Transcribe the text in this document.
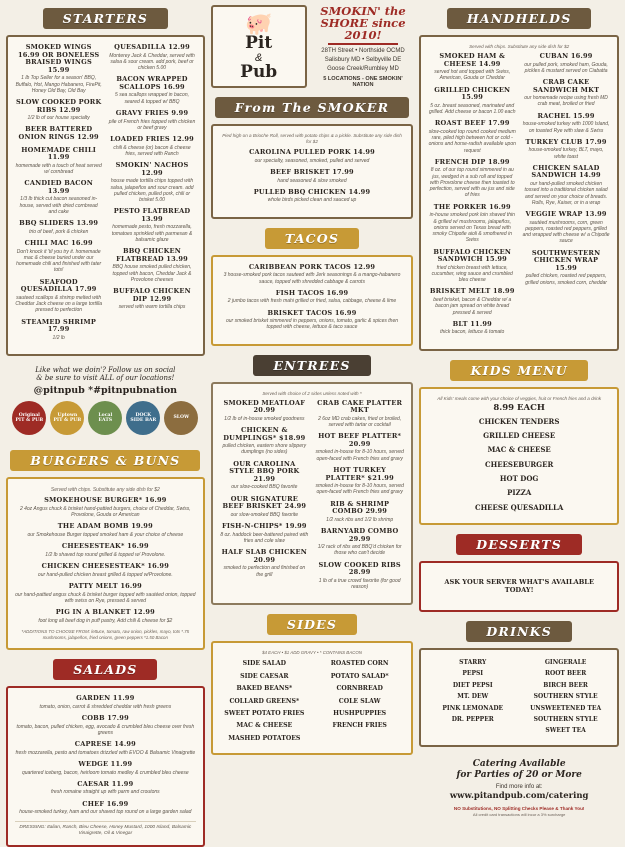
STARTERS
SMOKED WINGS 16.99 OR BONELESS BRAISED WINGS 15.99
1 lb Top Seller for a season' BBQ, Buffalo, Hot, Mango Habanero, FirePit, Honey Old Bay, Old Bay
SLOW COOKED PORK RIBS 12.99
1/2 lb of our house specialty
BEER BATTERED ONION RINGS 12.99
HOMEMADE CHILI 11.99
homemade with a touch of heat served w/ cornbread
CANDIED BACON 13.99
1/3 lb thick cut bacon seasoned in-house, served with dried cornbread and cake
BBQ SLIDERS 13.99
trio of beef, pork & chicken
CHILI MAC 16.99
Don't knock it 'til you try it. homemade mac & cheese buried under our homemade chili and finished with tater tots!
SEAFOOD QUESADILLA 17.99
sauteed scallops & shrimp melted with Cheddar Jack cheese on a large tortilla pressed to perfection
STEAMED SHRIMP 17.99
1/2 lb
QUESADILLA 12.99
Monterey Jack & Cheddar, served with salsa & sour cream. add pork, beef or chicken 5.00
BACON WRAPPED SCALLOPS 16.99
5 sea scallops wrapped in bacon, seared & topped w/ BBQ
GRAVY FRIES 9.99
pile of French fries topped with chicken or beef gravy
LOADED FRIES 12.99
chili & cheese (or) bacon & cheese fries, served with Ranch
SMOKIN' NACHOS 12.99
house made tortilla chips topped with salsa, jalapeños and sour cream. add pulled chicken, pulled pork, chili or brisket 5.00
PESTO FLATBREAD 13.99
homemade pesto, fresh mozzarella, tomatoes sprinkled with parmesan & balsamic glaze
BBQ CHICKEN FLATBREAD 13.99
BBQ house smoked pulled chicken, topped with bacon, Cheddar Jack & Provolone cheeses
BUFFALO CHICKEN DIP 12.99
served with warm tortilla chips
Like what we doin'? Follow us on social
& be sure to visit ALL of our locations!
@pitnpub *#pitnpubnation
Original PIT & PUB
Uptown PIT & PUB
Local EATS
DOCK SIDE BAR
SLOW
BURGERS & BUNS
Served with chips. Substitute any side dish for $2
SMOKEHOUSE BURGER* 16.99
2 4oz Angus chuck & brisket hand-pattied burgers, choice of Cheddar, Swiss, Provolone, Gouda or American
THE ADAM BOMB 19.99
our Smokehouse Burger topped smoked ham & your choice of cheese
CHEESESTEAK* 16.99
1/2 lb shaved top round grilled & topped w/ Provolone.
CHICKEN CHEESESTEAK* 16.99
our hand-pulled chicken breast grilled & topped w/Provolone.
PATTY MELT 16.99
our hand-pattied angus chuck & brisket burger topped with sautéed onion, topped with swiss on Rye, pressed & served
PIG IN A BLANKET 12.99
foot long all beef dog in puff pastry, Add chili & cheese for $2
*ADDITIONS TO CHOOSE FROM: lettuce, tomato, raw onion, pickles, mayo, tots *.75 mushrooms, jalapeños, fried onions, green peppers *1.50 Bacon
SALADS
GARDEN 11.99
tomato, onion, carrot & shredded cheddar with fresh greens
COBB 17.99
tomato, bacon, pulled chicken, egg, avocado & crumbled bleu cheese over fresh greens
CAPRESE 14.99
fresh mozzarella, pesto and tomatoes drizzled with EVOO & Balsamic Vinaigrette
WEDGE 11.99
quartered iceberg, bacon, heirloom tomato medley & crumbled bleu cheese
CAESAR 11.99
fresh romaine straight up with parm and croutons
CHEF 16.99
house-smoked turkey, ham and our shaved top round on a large garden salad
DRESSING: Italian, Ranch, Bleu Cheese, Honey Mustard, 1000 Island, Balsamic Vinaigrette, Oil & Vinegar
🐖
Pit
&
Pub
SMOKIN' the SHORE since 2010!
28TH Street • Northside OCMD
Salisbury MD • Selbyville DE
Goose Creek/Rumbley MD
5 LOCATIONS - ONE SMOKIN' NATION
From The SMOKER
Pied high on a Brioche Roll, served with potato chips & a pickle. Substitute any side dish for $2
CAROLINA PULLED PORK 14.99
our specialty, seasoned, smoked, pulled and served
BEEF BRISKET 17.99
hand seasoned & slow smoked
PULLED BBQ CHICKEN 14.99
whole birds picked clean and sauced up
TACOS
CARIBBEAN PORK TACOS 12.99
3 house-smoked pork tacos sauteed with Jerk seasonings & a mango-habanero sauce, topped with shredded cabbage & carrots
FISH TACOS 16.99
2 jumbo tacos with fresh mahi grilled or fried, salsa, cabbage, cheese & lime
BRISKET TACOS 16.99
our smoked brisket simmered in peppers, onions, tomato, garlic & spices then topped with cheese, lettuce & taco sauce
ENTREES
Served with choice of 2 sides unless noted with *
SMOKED MEATLOAF 20.99
1/2 lb of in-house smoked goodness
CHICKEN & DUMPLINGS* $18.99
pulled chicken, eastern shore slippery dumplings (no sides)
OUR CAROLINA STYLE BBQ PORK 21.99
our slow-cooked BBQ favorite
OUR SIGNATURE BEEF BRISKET 24.99
our slow-smoked BBQ favorite
FISH-N-CHIPS* 19.99
8 oz. haddock beer-battered paired with fries and cole slaw
HALF SLAB CHICKEN 20.99
smoked to perfection and finished on the grill
CRAB CAKE PLATTER MKT
2 6oz MD crab cakes, fried or broiled, served with tartar or cocktail
HOT BEEF PLATTER* 20.99
smoked in-house for 8-10 hours, served open-faced with French fries and gravy
HOT TURKEY PLATTER* $21.99
smoked in-house for 8-10 hours, served open-faced with French fries and gravy
RIB & SHRIMP COMBO 29.99
1/2 rack ribs and 1/2 lb shrimp
BARNYARD COMBO 29.99
1/2 rack of ribs and BBQ'd chicken for those who can't decide
SLOW COOKED RIBS 28.99
1 lb of a true crowd favorite (for good reason)
SIDES
$4 EACH • $1 ADD GRAVY • * CONTAINS BACON
SIDE SALAD
SIDE CAESAR
BAKED BEANS*
COLLARD GREENS*
SWEET POTATO FRIES
MAC & CHEESE
MASHED POTATOES
ROASTED CORN
POTATO SALAD*
CORNBREAD
COLE SLAW
HUSHPUPPIES
FRENCH FRIES
HANDHELDS
Served with chips. Substitute any side dish for $2
SMOKED HAM & CHEESE 14.99
served hot and topped with Swiss, American, Gouda or Cheddar
GRILLED CHICKEN 15.99
5 oz. breast seasoned, marinated and grilled. Add cheese or bacon 1.00 each
ROAST BEEF 17.99
slow-cooked top round cooked medium rare, piled high between hot or cold - onions and horse-radish available upon request
FRENCH DIP 18.99
8 oz. of our top round simmered in au jus, wedged in a sub roll and topped with Provolone cheese then toasted to perfection, served with au jus and side of fries
THE PORKER 16.99
in-house smoked pork loin shaved thin & grilled w/ mushrooms, jalapeños, onions served on Texas bread with smoky Chipotle aioli & smothered in Swiss
BUFFALO CHICKEN SANDWICH 15.99
fried chicken breast with lettuce, cucumber, wing sauce and crumbled bleu cheese
BRISKET MELT 18.99
beef brisket, bacon & Cheddar w/ a bacon jam spread on white bread pressed & served
BLT 11.99
thick bacon, lettuce & tomato
CUBAN 16.99
our pulled pork, smoked ham, Gouda, pickles & mustard served on Ciabatta
CRAB CAKE SANDWICH MKT
our homemade recipe using fresh MD crab meat, broiled or fried
RACHEL 15.99
house-smoked turkey with 1000 Island, on toasted Rye with slaw & Swiss
TURKEY CLUB 17.99
house-smoked turkey, BLT, mayo, white toast
CHICKEN SALAD SANDWICH 14.99
our hand-pulled smoked chicken tossed into a traditional chicken salad and served on your choice of breads. Rolls, Rye, Kaiser, or in a wrap
VEGGIE WRAP 13.99
sautéed mushrooms, corn, green peppers, roasted red peppers, grilled and wrapped with cheese w/ a Chipotle sauce
SOUTHWESTERN CHICKEN WRAP 15.99
pulled chicken, roasted red peppers, grilled onions, smoked corn, cheddar
KIDS MENU
All Kids' meals come with your choice of veggies, fruit or French fries and a drink
8.99 EACH
CHICKEN TENDERS
GRILLED CHEESE
MAC & CHEESE
CHEESEBURGER
HOT DOG
PIZZA
CHEESE QUESADILLA
DESSERTS
ASK YOUR SERVER WHAT'S AVAILABLE TODAY!
DRINKS
STARRY
PEPSI
DIET PEPSI
MT. DEW
PINK LEMONADE
DR. PEPPER
GINGERALE
ROOT BEER
BIRCH BEER
SOUTHERN STYLE UNSWEETENED TEA
SOUTHERN STYLE SWEET TEA
Catering Available
for Parties of 20 or More
Find more info at:
www.pitandpub.com/catering
NO Substitutions, NO Splitting Checks Please & Thank You!
All credit card transactions will incur a 3% surcharge
